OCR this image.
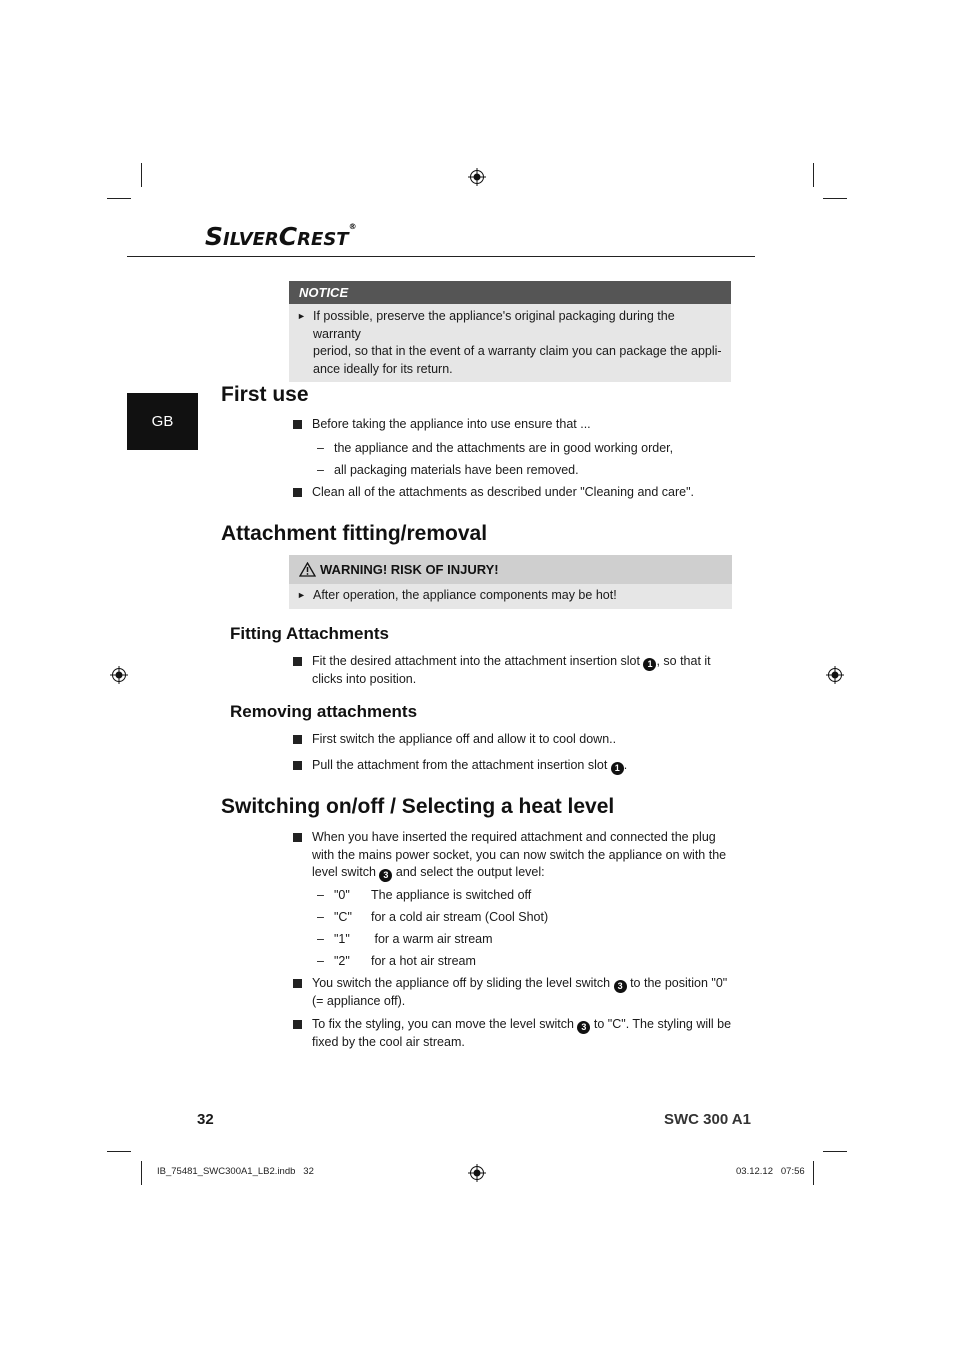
SILVERCREST®
GB
NOTICE
► If possible, preserve the appliance's original packaging during the warranty
period, so that in the event of a warranty claim you can package the appli-
ance ideally for its return.
First use
Before taking the appliance into use ensure that ...
– the appliance and the attachments are in good working order,
– all packaging materials have been removed.
Clean all of the attachments as described under "Cleaning and care".
Attachment fitting/removal
WARNING! RISK OF INJURY!
► After operation, the appliance components may be hot!
Fitting Attachments
Fit the desired attachment into the attachment insertion slot 1 , so that it
clicks into position.
Removing attachments
First switch the appliance off and allow it to cool down..
Pull the attachment from the attachment insertion slot 1 .
Switching on/off / Selecting a heat level
When you have inserted the required attachment and connected the plug
with the mains power socket, you can now switch the appliance on with the
level switch 3 and select the output level:
– "0" The appliance is switched off
– "C" for a cold air stream (Cool Shot)
– "1" for a warm air stream
– "2" for a hot air stream
You switch the appliance off by sliding the level switch 3 to the position "0"
(= appliance off).
To fix the styling, you can move the level switch 3 to "C". The styling will be
fixed by the cool air stream.
32	SWC 300 A1
IB_75481_SWC300A1_LB2.indb   32	03.12.12   07:56
